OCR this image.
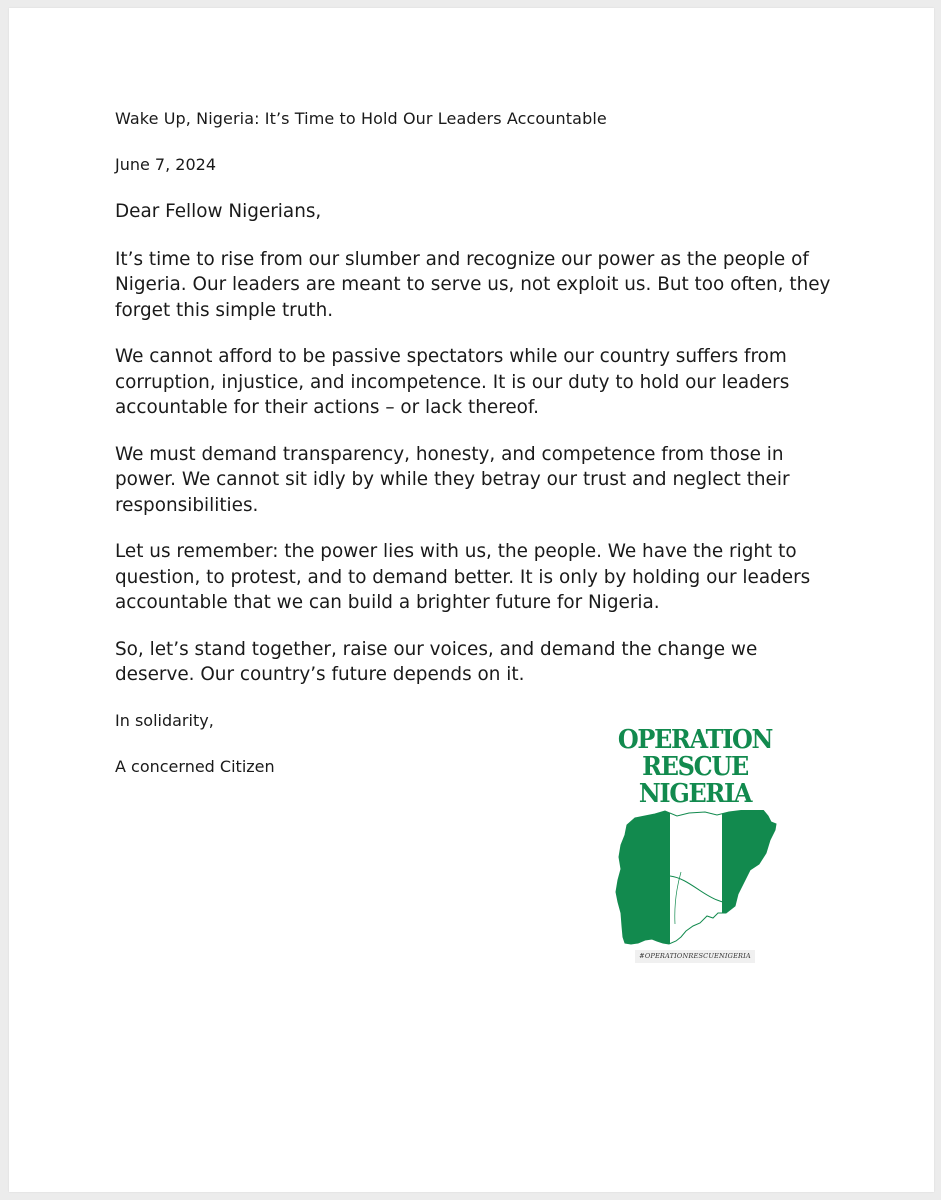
Wake Up, Nigeria: It’s Time to Hold Our Leaders Accountable

June 7, 2024

Dear Fellow Nigerians,

It’s time to rise from our slumber and recognize our power as the people of Nigeria. Our leaders are meant to serve us, not exploit us. But too often, they forget this simple truth.

We cannot afford to be passive spectators while our country suffers from corruption, injustice, and incompetence. It is our duty to hold our leaders accountable for their actions – or lack thereof.

We must demand transparency, honesty, and competence from those in power. We cannot sit idly by while they betray our trust and neglect their responsibilities.

Let us remember: the power lies with us, the people. We have the right to question, to protest, and to demand better. It is only by holding our leaders accountable that we can build a brighter future for Nigeria.

So, let’s stand together, raise our voices, and demand the change we deserve. Our country’s future depends on it.

In solidarity,

A concerned Citizen

OPERATION
RESCUE
NIGERIA
#OPERATIONRESCUENIGERIA
